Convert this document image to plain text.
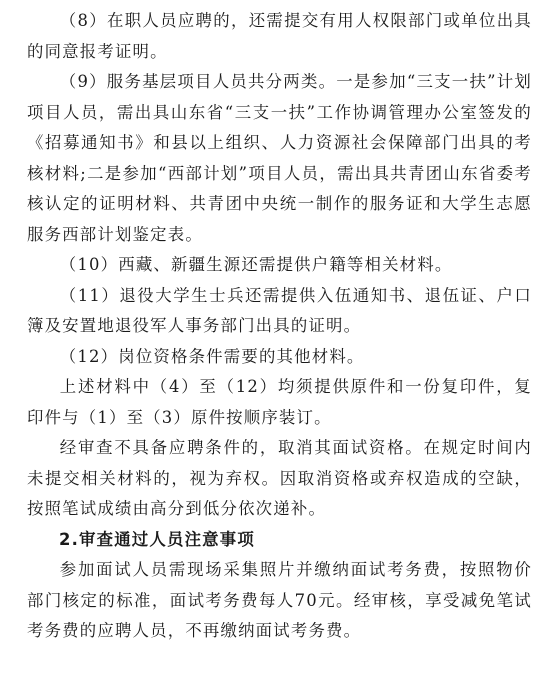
（8）在职人员应聘的，还需提交有用人权限部门或单位出具的同意报考证明。

（9）服务基层项目人员共分两类。一是参加“三支一扶”计划项目人员，需出具山东省“三支一扶”工作协调管理办公室签发的《招募通知书》和县以上组织、人力资源社会保障部门出具的考核材料;二是参加“西部计划”项目人员，需出具共青团山东省委考核认定的证明材料、共青团中央统一制作的服务证和大学生志愿服务西部计划鉴定表。

（10）西藏、新疆生源还需提供户籍等相关材料。

（11）退役大学生士兵还需提供入伍通知书、退伍证、户口簿及安置地退役军人事务部门出具的证明。

（12）岗位资格条件需要的其他材料。

上述材料中（4）至（12）均须提供原件和一份复印件，复印件与（1）至（3）原件按顺序装订。

经审查不具备应聘条件的，取消其面试资格。在规定时间内未提交相关材料的，视为弃权。因取消资格或弃权造成的空缺，按照笔试成绩由高分到低分依次递补。

2.审查通过人员注意事项

参加面试人员需现场采集照片并缴纳面试考务费，按照物价部门核定的标准，面试考务费每人70元。经审核，享受减免笔试考务费的应聘人员，不再缴纳面试考务费。
